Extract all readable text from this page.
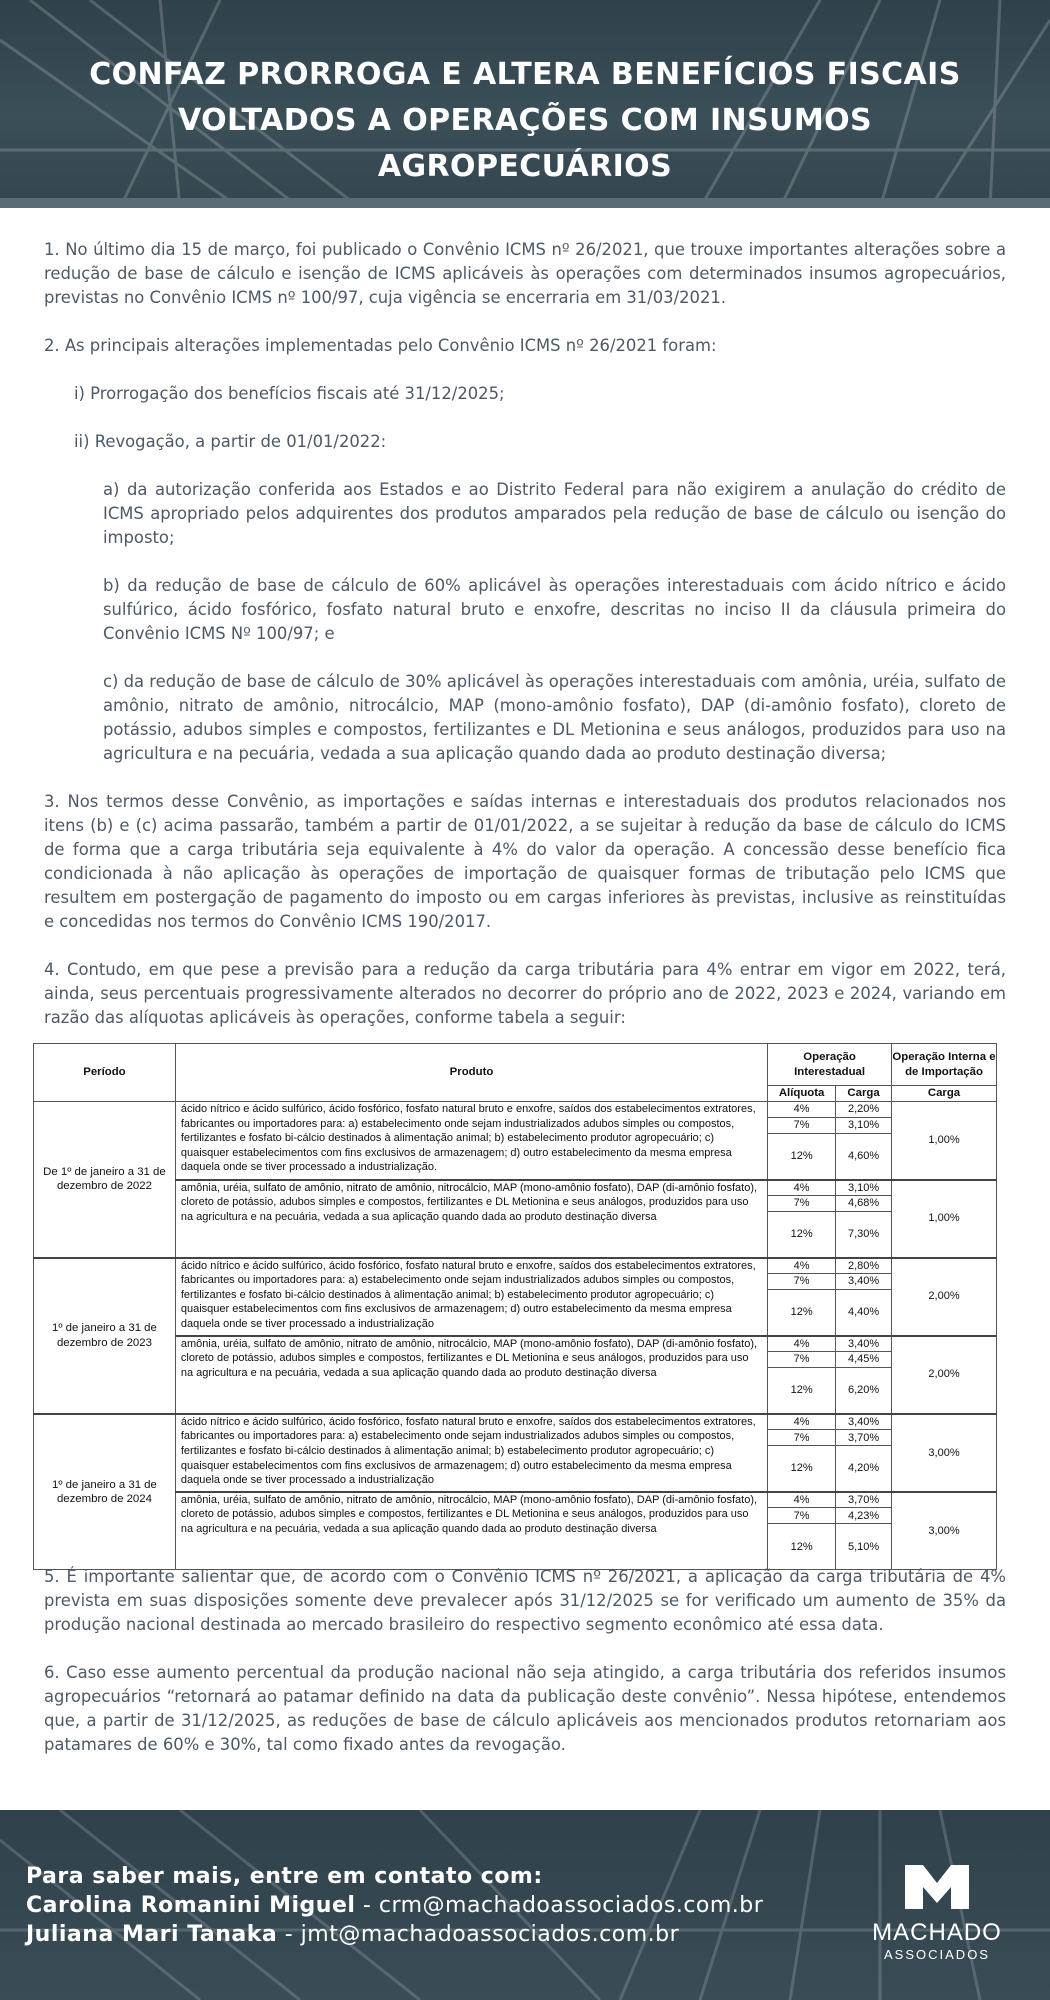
CONFAZ PRORROGA E ALTERA BENEFÍCIOS FISCAIS
VOLTADOS A OPERAÇÕES COM INSUMOS AGROPECUÁRIOS

1. No último dia 15 de março, foi publicado o Convênio ICMS nº 26/2021, que trouxe importantes alterações sobre a redução de base de cálculo e isenção de ICMS aplicáveis às operações com determinados insumos agropecuários, previstas no Convênio ICMS nº 100/97, cuja vigência se encerraria em 31/03/2021.

2. As principais alterações implementadas pelo Convênio ICMS nº 26/2021 foram:

i) Prorrogação dos benefícios fiscais até 31/12/2025;

ii) Revogação, a partir de 01/01/2022:

a) da autorização conferida aos Estados e ao Distrito Federal para não exigirem a anulação do crédito de ICMS apropriado pelos adquirentes dos produtos amparados pela redução de base de cálculo ou isenção do imposto;

b) da redução de base de cálculo de 60% aplicável às operações interestaduais com ácido nítrico e ácido sulfúrico, ácido fosfórico, fosfato natural bruto e enxofre, descritas no inciso II da cláusula primeira do Convênio ICMS Nº 100/97; e

c) da redução de base de cálculo de 30% aplicável às operações interestaduais com amônia, uréia, sulfato de amônio, nitrato de amônio, nitrocálcio, MAP (mono-amônio fosfato), DAP (di-amônio fosfato), cloreto de potássio, adubos simples e compostos, fertilizantes e DL Metionina e seus análogos, produzidos para uso na agricultura e na pecuária, vedada a sua aplicação quando dada ao produto destinação diversa;

3. Nos termos desse Convênio, as importações e saídas internas e interestaduais dos produtos relacionados nos itens (b) e (c) acima passarão, também a partir de 01/01/2022, a se sujeitar à redução da base de cálculo do ICMS de forma que a carga tributária seja equivalente à 4% do valor da operação. A concessão desse benefício fica condicionada à não aplicação às operações de importação de quaisquer formas de tributação pelo ICMS que resultem em postergação de pagamento do imposto ou em cargas inferiores às previstas, inclusive as reinstituídas e concedidas nos termos do Convênio ICMS 190/2017.

4. Contudo, em que pese a previsão para a redução da carga tributária para 4% entrar em vigor em 2022, terá, ainda, seus percentuais progressivamente alterados no decorrer do próprio ano de 2022, 2023 e 2024, variando em razão das alíquotas aplicáveis às operações, conforme tabela a seguir:

Período	Produto	Operação Interestadual		Operação Interna e de Importação
		Alíquota	Carga	Carga
De 1º de janeiro a 31 de dezembro de 2022	ácido nítrico e ácido sulfúrico, ácido fosfórico, fosfato natural bruto e enxofre, saídos dos estabelecimentos extratores, fabricantes ou importadores para: a) estabelecimento onde sejam industrializados adubos simples ou compostos, fertilizantes e fosfato bi-cálcio destinados à alimentação animal; b) estabelecimento produtor agropecuário; c) quaisquer estabelecimentos com fins exclusivos de armazenagem; d) outro estabelecimento da mesma empresa daquela onde se tiver processado a industrialização.	4%	2,20%	1,00%
		7%	3,10%	
		12%	4,60%	
	amônia, uréia, sulfato de amônio, nitrato de amônio, nitrocálcio, MAP (mono-amônio fosfato), DAP (di-amônio fosfato), cloreto de potássio, adubos simples e compostos, fertilizantes e DL Metionina e seus análogos, produzidos para uso na agricultura e na pecuária, vedada a sua aplicação quando dada ao produto destinação diversa	4%	3,10%	1,00%
		7%	4,68%	
		12%	7,30%	
1º de janeiro a 31 de dezembro de 2023	ácido nítrico e ácido sulfúrico, ácido fosfórico, fosfato natural bruto e enxofre, saídos dos estabelecimentos extratores, fabricantes ou importadores para: a) estabelecimento onde sejam industrializados adubos simples ou compostos, fertilizantes e fosfato bi-cálcio destinados à alimentação animal; b) estabelecimento produtor agropecuário; c) quaisquer estabelecimentos com fins exclusivos de armazenagem; d) outro estabelecimento da mesma empresa daquela onde se tiver processado a industrialização	4%	2,80%	2,00%
		7%	3,40%	
		12%	4,40%	
	amônia, uréia, sulfato de amônio, nitrato de amônio, nitrocálcio, MAP (mono-amônio fosfato), DAP (di-amônio fosfato), cloreto de potássio, adubos simples e compostos, fertilizantes e DL Metionina e seus análogos, produzidos para uso na agricultura e na pecuária, vedada a sua aplicação quando dada ao produto destinação diversa	4%	3,40%	2,00%
		7%	4,45%	
		12%	6,20%	
1º de janeiro a 31 de dezembro de 2024	ácido nítrico e ácido sulfúrico, ácido fosfórico, fosfato natural bruto e enxofre, saídos dos estabelecimentos extratores, fabricantes ou importadores para: a) estabelecimento onde sejam industrializados adubos simples ou compostos, fertilizantes e fosfato bi-cálcio destinados à alimentação animal; b) estabelecimento produtor agropecuário; c) quaisquer estabelecimentos com fins exclusivos de armazenagem; d) outro estabelecimento da mesma empresa daquela onde se tiver processado a industrialização	4%	3,40%	3,00%
		7%	3,70%	
		12%	4,20%	
	amônia, uréia, sulfato de amônio, nitrato de amônio, nitrocálcio, MAP (mono-amônio fosfato), DAP (di-amônio fosfato), cloreto de potássio, adubos simples e compostos, fertilizantes e DL Metionina e seus análogos, produzidos para uso na agricultura e na pecuária, vedada a sua aplicação quando dada ao produto destinação diversa	4%	3,70%	3,00%
		7%	4,23%	
		12%	5,10%	

5. É importante salientar que, de acordo com o Convênio ICMS nº 26/2021, a aplicação da carga tributária de 4% prevista em suas disposições somente deve prevalecer após 31/12/2025 se for verificado um aumento de 35% da produção nacional destinada ao mercado brasileiro do respectivo segmento econômico até essa data.

6. Caso esse aumento percentual da produção nacional não seja atingido, a carga tributária dos referidos insumos agropecuários “retornará ao patamar definido na data da publicação deste convênio”. Nessa hipótese, entendemos que, a partir de 31/12/2025, as reduções de base de cálculo aplicáveis aos mencionados produtos retornariam aos patamares de 60% e 30%, tal como fixado antes da revogação.

Para saber mais, entre em contato com:
Carolina Romanini Miguel - crm@machadoassociados.com.br
Juliana Mari Tanaka - jmt@machadoassociados.com.br	MACHADO
ASSOCIADOS
